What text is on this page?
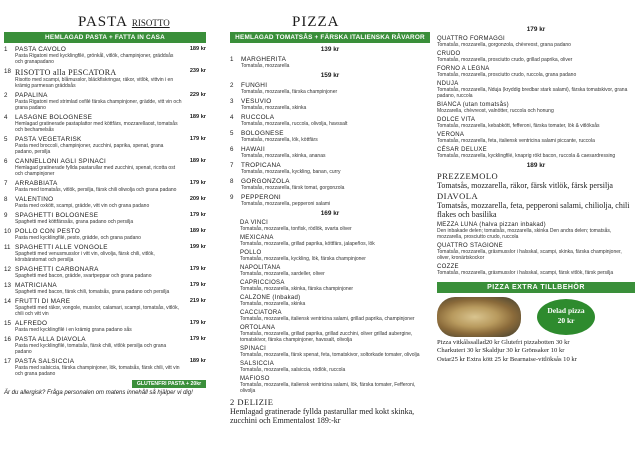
PASTA RISOTTO
HEMLAGAD PASTA + FATTA IN CASA
1	PASTA CAVOLO	189 kr
Pasta Rigatoni med kycklingfilé, grönkål, vitlök, champinjoner, gräddsås och granapadano
18 RISOTTO alla PESCATORA	239 kr
Risotto med scampi, blåmusslor, bläckfiskringar, räkor, vitlök, vittvin i en krämig parmesan gräddsås
2	PAPALINA	229 kr
Pasta Rigatoni med strimlad oxfilé färska champinjoner, grädde, vitt vin och grana padano
4	LASAGNE BOLOGNESE	189 kr
Hemlagad gratinerade pastaplattor med köttfärs, mozzarellaost, tomatsås och bechamelsås
5	PASTA VEGETARISK	179 kr
Pasta med broccoli, champinjoner, zucchini, paprika, spenat, grana padano, persilja
6	CANNELLONI AGLI SPINACI	189 kr
Hemlagad gratinerade fyllda pastarullar med zucchini, spenat, ricotta ost och champinjoner
7	ARRABBIATA	179 kr
Pasta med tomatsås, vitlök, persilja, färsk chili oliwolja och grana padano
8	VALENTINO	209 kr
Pasta med oxkött, scampi, grädde, vitt vin och grana padano
9	SPAGHETTI BOLOGNESE	179 kr
Spaghetti med köttfärssås, grana padano och persilja
10 POLLO CON PESTO	189 kr
Pasta med kycklingfilé, pesto, grädde, och grana padano
11 SPAGHETTI ALLE VONGOLE	199 kr
Spaghetti med venusmusslor i vitt vin, olivolja, färsk chili, vitlök, körsbärstomat och persilja
12 SPAGHETTI CARBONARA	179 kr
Spaghetti med bacon, grädde, svartpeppar och grana padano
13 MATRICIANA	179 kr
Spaghetti med bacon, färsk chili, tomatsås, grana padano och persilja
14 FRUTTI DI MARE	219 kr
Spaghetti med räkor, vongole, musslor, calamari, scampi, tomatsås, vitlök, chili och vitt vin
15 ALFREDO	179 kr
Pasta med kycklingfilé i en krämig grana padano sås
16 PASTA ALLA DIAVOLA	179 kr
Pasta med kycklingfilé, tomatsås, färsk chili, vitlök persilja och grana padano
17 PASTA SALSICCIA	189 kr
Pasta med salsiccia, färska champinjoner, lök, tomatsås, färsk chili, vitt vin och grana padano
GLUTENFRI PASTA + 20kr
Är du allergisk? Fråga personalen om matens innehåll så hjälper vi dig!
PIZZA
HEMLAGAD TOMATSÅS + FÄRSKA ITALIENSKA RÅVAROR
139 kr
1	MARGHERITA
Tomatsås, mozzarella
159 kr
2	FUNGHI
Tomatsås, mozzarella, färska champinjoner
3	VESUVIO
Tomatsås, mozzarella, skinka
4	RUCCOLA
Tomatsås, mozzarella, ruccola, olivolja, havssalt
5	BOLOGNESE
Tomatsås, mozzarella, lök, köttfärs
6	HAWAII
Tomatsås, mozzarella, skinka, ananas
7	TROPICANA
Tomatsås, mozzarella, kyckling, banan, curry
8	GORGONZOLA
Tomatsås, mozzarella, färsk tomat, gorgonzola
9	PEPPERONI
Tomatsås, mozzarella, pepperoni salami
169 kr
DA VINCI
Tomatsås, mozzarella, tonfisk, rödlök, svarta oliver
MEXICANA
Tomatsås, mozzarella, grillad paprika, köttfärs, jalapeños, lök
POLLO
Tomatsås, mozzarella, kyckling, lök, färska champinjoner
NAPOLITANA
Tomatsås, mozzarella, sardeller, oliver
CAPRICCIOSA
Tomatsås, mozzarella, skinka, färska champinjoner
CALZONE (Inbakad)
Tomatsås, mozzarella, skinka
CACCIATORA
Tomatsås, mozzarella, italiensk ventricina salami, grillad paprika, champinjoner
ORTOLANA
Tomatsås, mozzarella, grillad paprika, grillad zucchini, oliver grillad aubergine, tomatskivor, färska champinjoner, havssalt, olivolja
SPINACI
Tomatsås, mozzarella, färsk spenat, feta, tomatskivor, soltorkade tomater, olivolja
SALSICCIA
Tomatsås, mozzarella, salsiccia, rödlök, ruccola
MAFIOSO
Tomatsås, mozzarella, italiensk ventricina salami, lök, färska tomater, Fefferoni, olivolja
2 DELIZIE
Hemlagad gratinerade fyllda pastarullar med kokt skinka, zucchini och Emmentalost 189:-kr
179 kr
QUATTRO FORMAGGI
Tomatsås, mozzarella, gorgonzola, chèvreost, grana padano
CRUDO
Tomatsås, mozzarella, prosciutto crudo, grillad paprika, oliver
FORNO A LEGNA
Tomatsås, mozzarella, prosciutto crudo, ruccola, grana padano
NDUJA
Tomatsås, mozzarella, Nduja (kryddig bredbar stark salami), färska tomatskivor, grana padano, ruccola
BIANCA (utan tomatsås)
Mozzarella, chèvreost, valnötter, ruccola och honung
DOLCE VITA
Tomatsås, mozzarella, kebabkött, fefferoni, färska tomater, lök & vitlöksås
VERONA
Tomatsås, mozzarella, feta, italiensk ventricina salami piccante, ruccola
CÉSAR DELUXE
Tomatsås, mozzarella, kycklingfilé, knaprig rökt bacon, ruccola & caesardressing
189 kr
PREZZEMOLO
Tomatsås, mozzarella, räkor, färsk vitlök, färsk persilja
DIAVOLA
Tomatsås, mozzarella, feta, pepperoni salami, chiliolja, chili flakes och basilika
MEZZA LUNA (halva pizzan inbakad)
Den inbakade delen; tomatsås, mozzarella, skinka Den andra delen; tomatsås, mozzarella, prosciutto crudo, ruccola
QUATTRO STAGIONE
Tomatsås, mozzarella, gräsmusslor i halsskal, scampi, skinka, färska champinjoner, oliver, kronärtskockor
COZZE
Tomatsås, mozzarella, gräsmusslor i halsskal, scampi, färsk vitlök, färsk persilja
PIZZA EXTRA TILLBEHÖR
Delad pizza
20 kr
Pizza vitkålssallad20 kr Glutefri pizzabotten 30 kr
Charkuteri 30 kr Skaldjur 30 kr Grönsaker 10 kr
Ostar25 kr Extra kött 25 kr Bearnaise-vitlöksås 10 kr
